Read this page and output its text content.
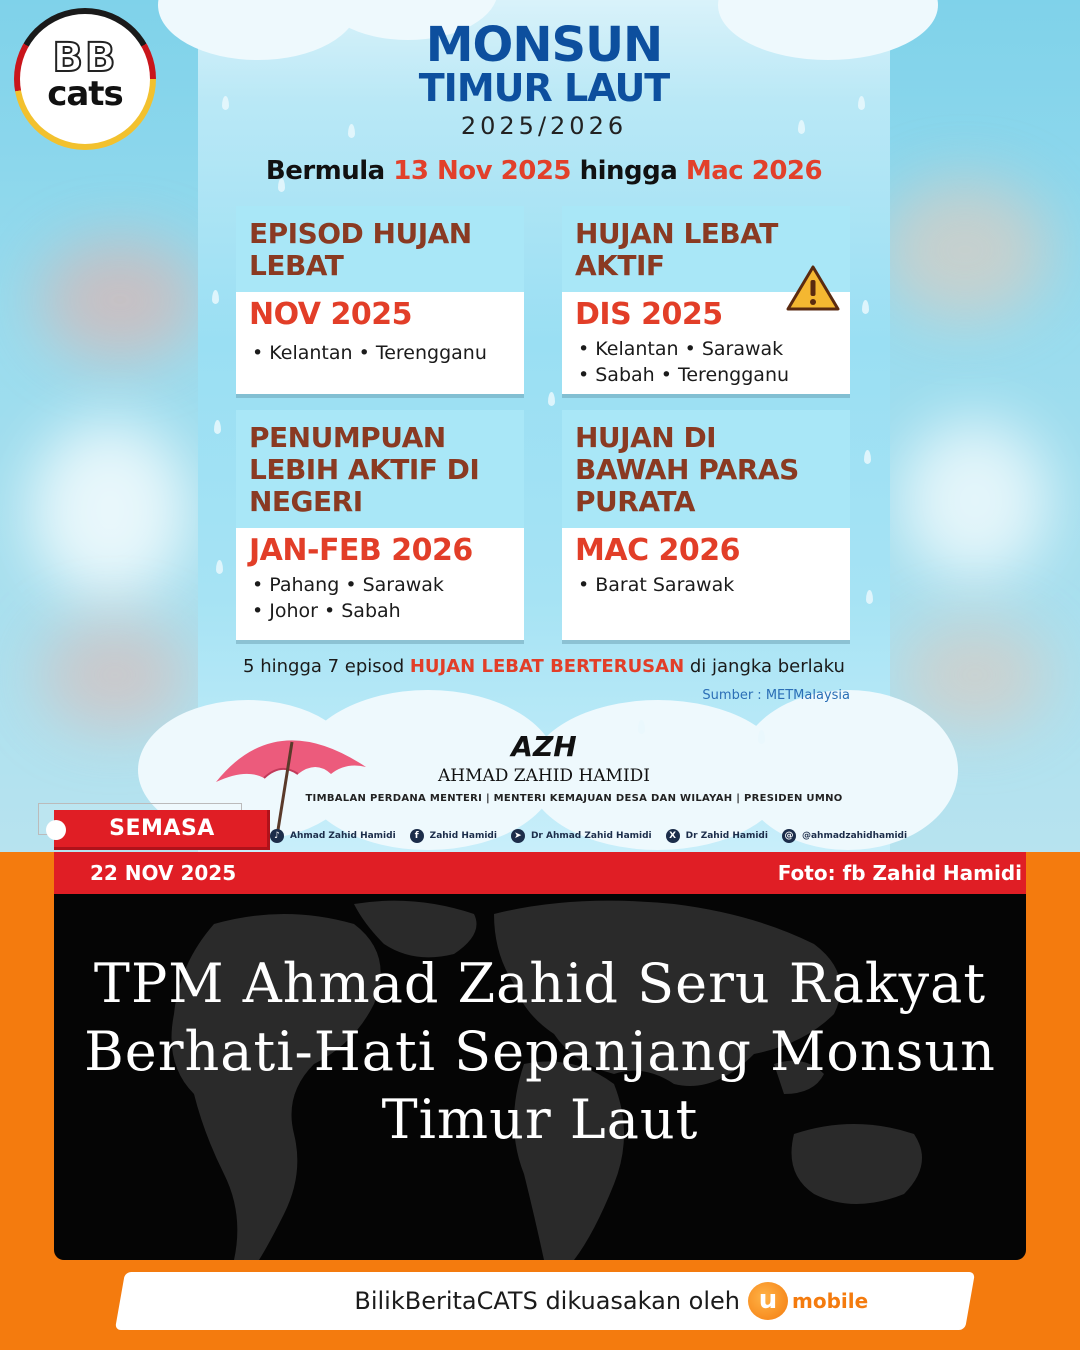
MONSUN
TIMUR LAUT
2025/2026
Bermula 13 Nov 2025 hingga Mac 2026
EPISOD HUJAN
LEBAT
NOV 2025
• Kelantan • Terengganu
HUJAN LEBAT
AKTIF
DIS 2025
• Kelantan • Sarawak
• Sabah • Terengganu
PENUMPUAN
LEBIH AKTIF DI
NEGERI
JAN-FEB 2026
• Pahang • Sarawak
• Johor • Sabah
HUJAN DI
BAWAH PARAS
PURATA
MAC 2026
• Barat Sarawak
5 hingga 7 episod HUJAN LEBAT BERTERUSAN di jangka berlaku
Sumber : METMalaysia
AZH
AHMAD ZAHID HAMIDI
TIMBALAN PERDANA MENTERI | MENTERI KEMAJUAN DESA DAN WILAYAH | PRESIDEN UMNO
♪	Ahmad Zahid Hamidi	f	Zahid Hamidi	➤	Dr Ahmad Zahid Hamidi	X	Dr Zahid Hamidi @ @ahmadzahidhamidi
BB
cats
SEMASA
22 NOV 2025	Foto: fb Zahid Hamidi
TPM Ahmad Zahid Seru Rakyat Berhati-Hati Sepanjang Monsun Timur Laut
BilikBeritaCATS dikuasakan oleh u mobile
